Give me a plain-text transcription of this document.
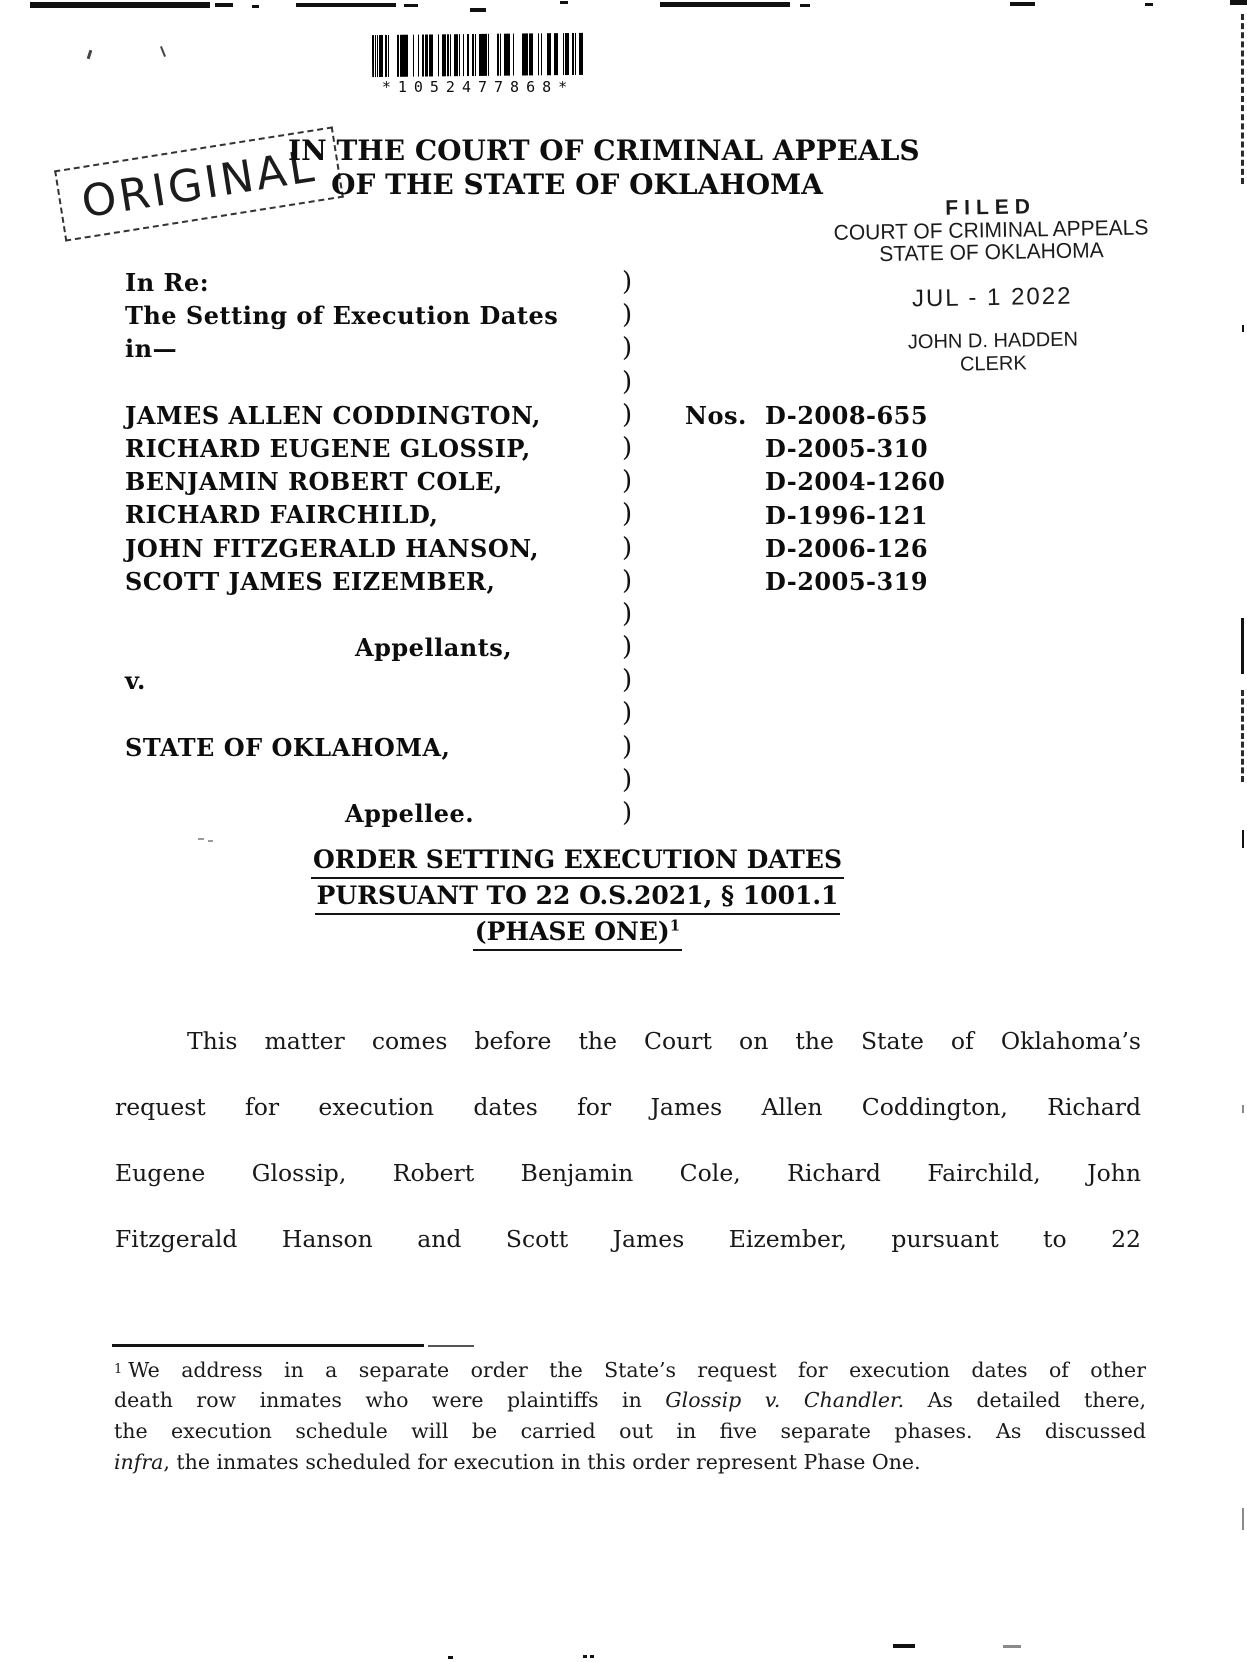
*1052477868*
ORIGINAL
IN THE COURT OF CRIMINAL APPEALS
OF THE STATE OF OKLAHOMA
FILED
COURT OF CRIMINAL APPEALS
STATE OF OKLAHOMA
JUL - 1 2022
JOHN D. HADDEN
CLERK
In Re:
The Setting of Execution Dates
in—
JAMES ALLEN CODDINGTON,
RICHARD EUGENE GLOSSIP,
BENJAMIN ROBERT COLE,
RICHARD FAIRCHILD,
JOHN FITZGERALD HANSON,
SCOTT JAMES EIZEMBER,
Appellants,
v.
STATE OF OKLAHOMA,
Appellee.
)
)
)
)
)
)
)
)
)
)
)
)
)
)
)
)
)
Nos. D-2008-655
D-2005-310
D-2004-1260
D-1996-121
D-2006-126
D-2005-319
ORDER SETTING EXECUTION DATES
PURSUANT TO 22 O.S.2021, § 1001.1
(PHASE ONE)$^1$
This matter comes before the Court on the State of Oklahoma’s
request for execution dates for James Allen Coddington, Richard
Eugene Glossip, Robert Benjamin Cole, Richard Fairchild, John
Fitzgerald Hanson and Scott James Eizember, pursuant to 22
1 We address in a separate order the State’s request for execution dates of other
death row inmates who were plaintiffs in Glossip v. Chandler. As detailed there,
the execution schedule will be carried out in five separate phases. As discussed
infra, the inmates scheduled for execution in this order represent Phase One.
